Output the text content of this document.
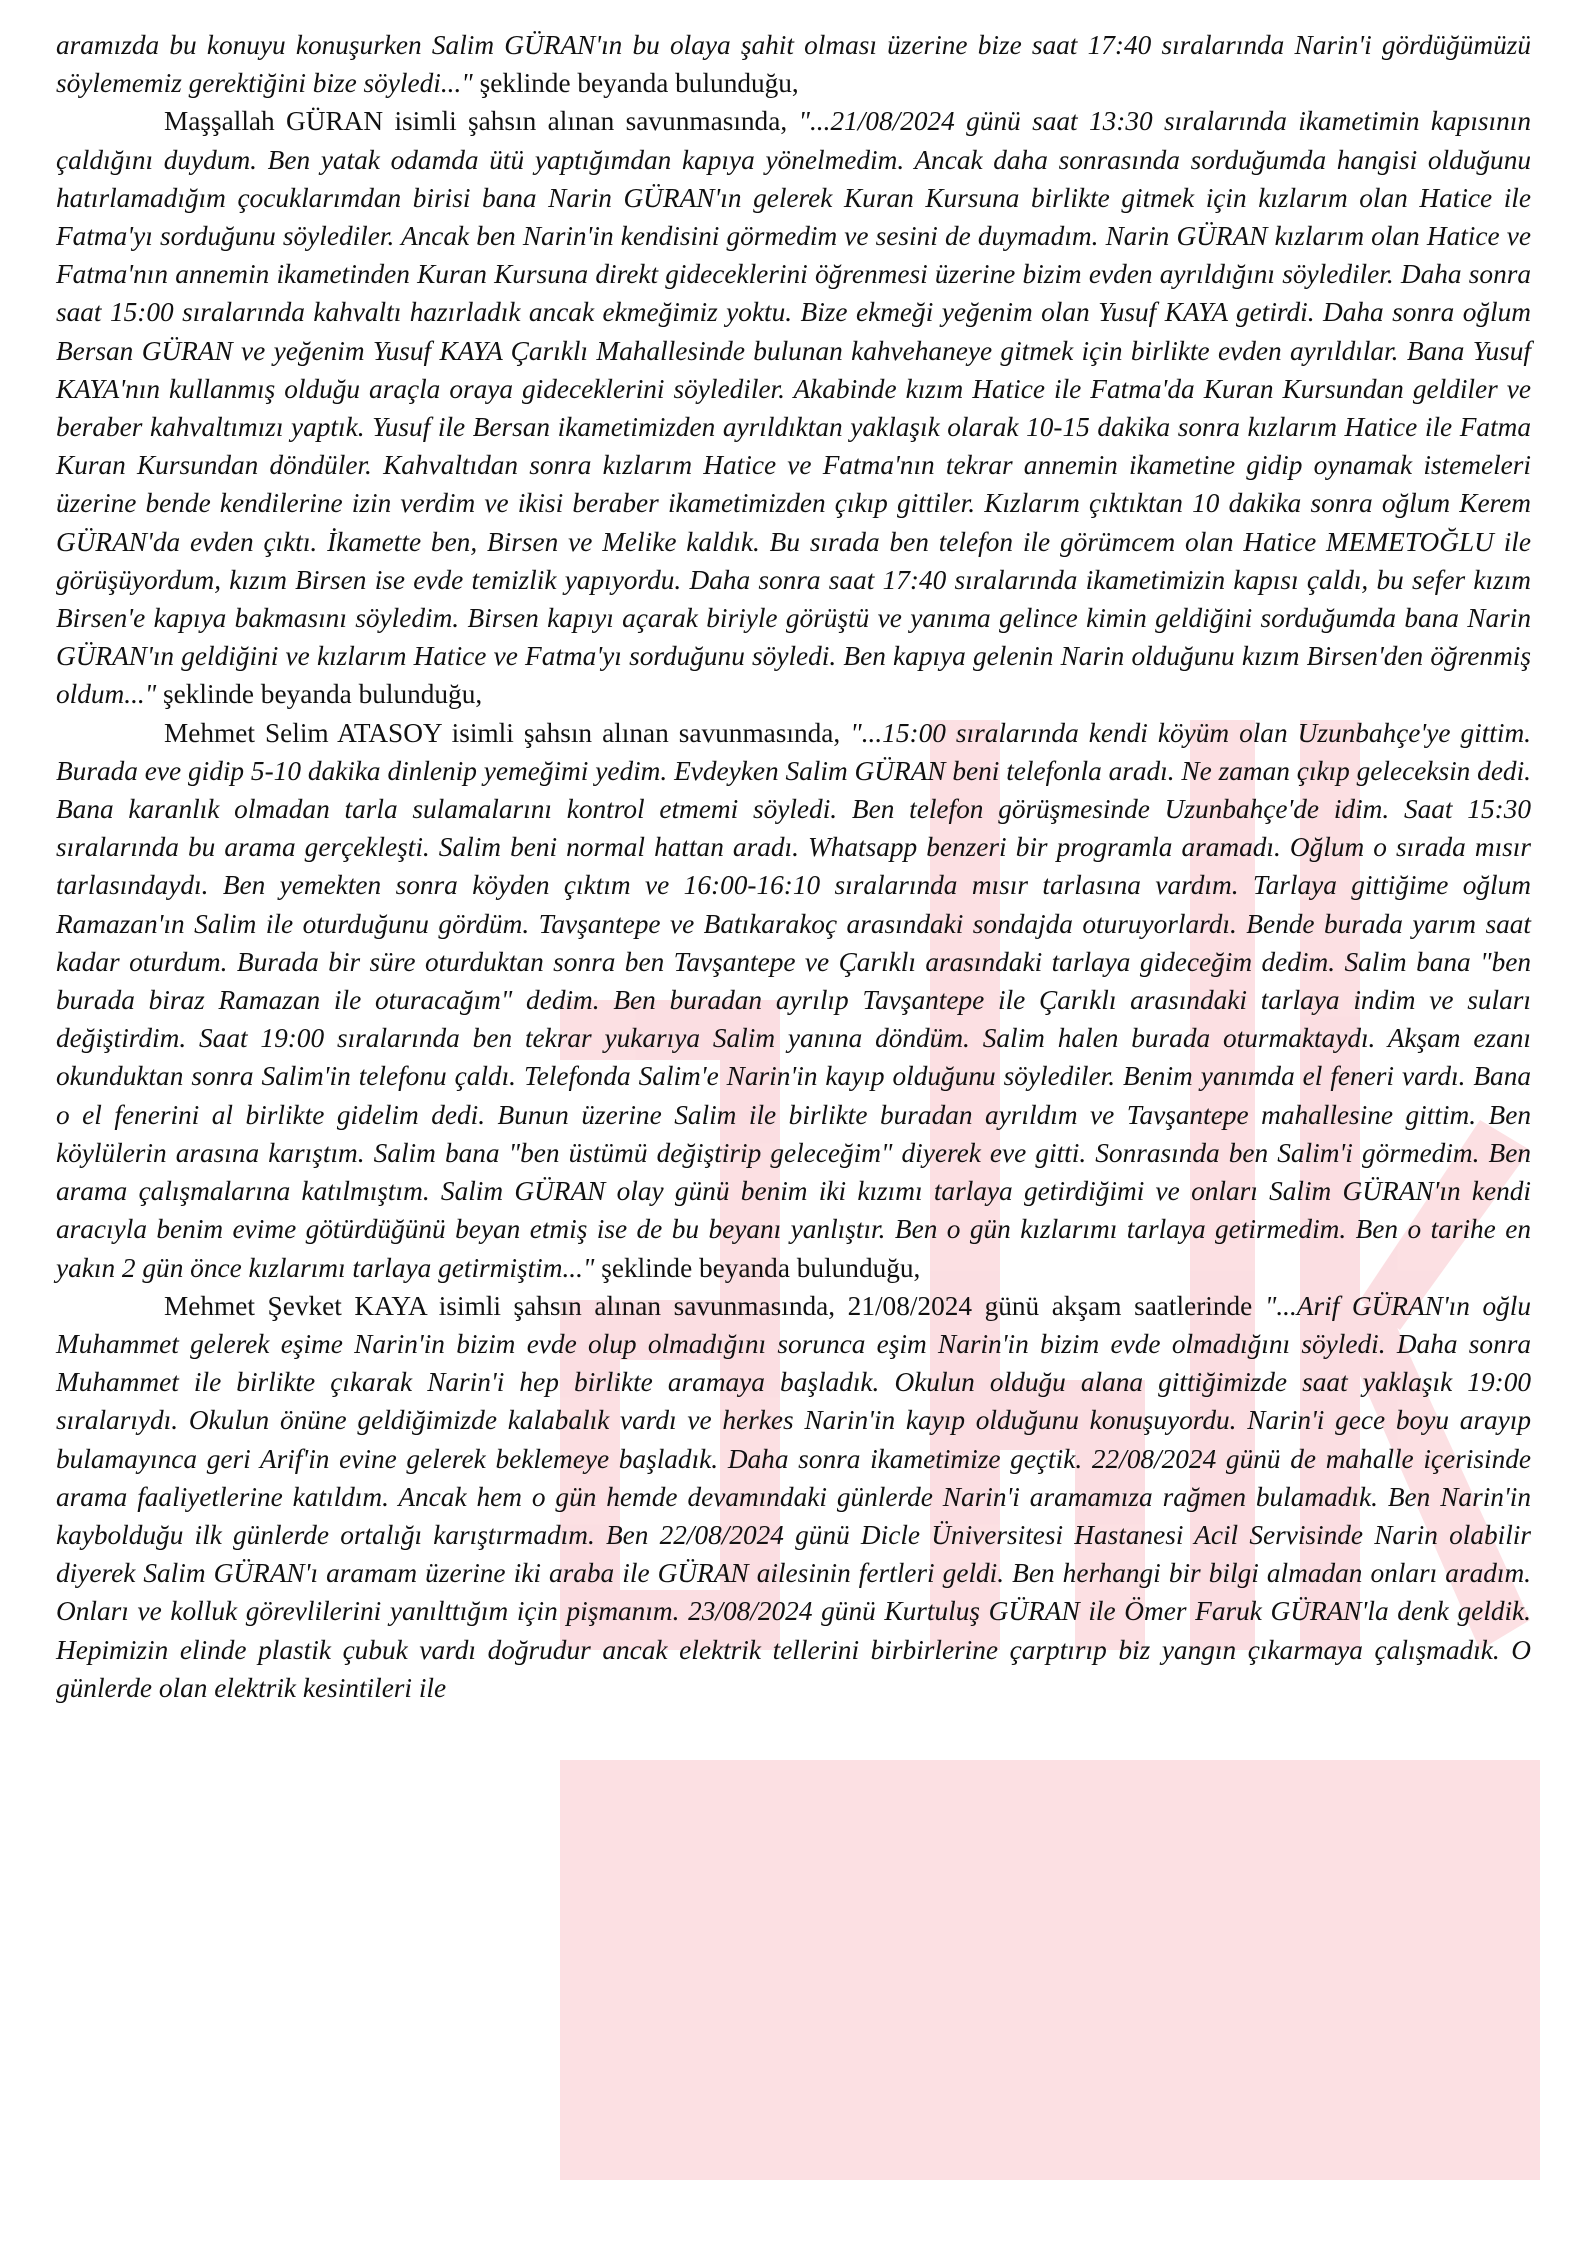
aramızda bu konuyu konuşurken Salim GÜRAN'ın bu olaya şahit olması üzerine bize saat 17:40 sıralarında Narin'i gördüğümüzü söylememiz gerektiğini bize söyledi..." şeklinde beyanda bulunduğu,

Maşşallah GÜRAN isimli şahsın alınan savunmasında, "...21/08/2024 günü saat 13:30 sıralarında ikametimin kapısının çaldığını duydum. Ben yatak odamda ütü yaptığımdan kapıya yönelmedim. Ancak daha sonrasında sorduğumda hangisi olduğunu hatırlamadığım çocuklarımdan birisi bana Narin GÜRAN'ın gelerek Kuran Kursuna birlikte gitmek için kızlarım olan Hatice ile Fatma'yı sorduğunu söylediler. Ancak ben Narin'in kendisini görmedim ve sesini de duymadım. Narin GÜRAN kızlarım olan Hatice ve Fatma'nın annemin ikametinden Kuran Kursuna direkt gideceklerini öğrenmesi üzerine bizim evden ayrıldığını söylediler. Daha sonra saat 15:00 sıralarında kahvaltı hazırladık ancak ekmeğimiz yoktu. Bize ekmeği yeğenim olan Yusuf KAYA getirdi. Daha sonra oğlum Bersan GÜRAN ve yeğenim Yusuf KAYA Çarıklı Mahallesinde bulunan kahvehaneye gitmek için birlikte evden ayrıldılar. Bana Yusuf KAYA'nın kullanmış olduğu araçla oraya gideceklerini söylediler. Akabinde kızım Hatice ile Fatma'da Kuran Kursundan geldiler ve beraber kahvaltımızı yaptık. Yusuf ile Bersan ikametimizden ayrıldıktan yaklaşık olarak 10-15 dakika sonra kızlarım Hatice ile Fatma Kuran Kursundan döndüler. Kahvaltıdan sonra kızlarım Hatice ve Fatma'nın tekrar annemin ikametine gidip oynamak istemeleri üzerine bende kendilerine izin verdim ve ikisi beraber ikametimizden çıkıp gittiler. Kızlarım çıktıktan 10 dakika sonra oğlum Kerem GÜRAN'da evden çıktı. İkamette ben, Birsen ve Melike kaldık. Bu sırada ben telefon ile görümcem olan Hatice MEMETOĞLU ile görüşüyordum, kızım Birsen ise evde temizlik yapıyordu. Daha sonra saat 17:40 sıralarında ikametimizin kapısı çaldı, bu sefer kızım Birsen'e kapıya bakmasını söyledim. Birsen kapıyı açarak biriyle görüştü ve yanıma gelince kimin geldiğini sorduğumda bana Narin GÜRAN'ın geldiğini ve kızlarım Hatice ve Fatma'yı sorduğunu söyledi. Ben kapıya gelenin Narin olduğunu kızım Birsen'den öğrenmiş oldum..." şeklinde beyanda bulunduğu,

Mehmet Selim ATASOY isimli şahsın alınan savunmasında, "...15:00 sıralarında kendi köyüm olan Uzunbahçe'ye gittim. Burada eve gidip 5-10 dakika dinlenip yemeğimi yedim. Evdeyken Salim GÜRAN beni telefonla aradı. Ne zaman çıkıp geleceksin dedi. Bana karanlık olmadan tarla sulamalarını kontrol etmemi söyledi. Ben telefon görüşmesinde Uzunbahçe'de idim. Saat 15:30 sıralarında bu arama gerçekleşti. Salim beni normal hattan aradı. Whatsapp benzeri bir programla aramadı. Oğlum o sırada mısır tarlasındaydı. Ben yemekten sonra köyden çıktım ve 16:00-16:10 sıralarında mısır tarlasına vardım. Tarlaya gittiğime oğlum Ramazan'ın Salim ile oturduğunu gördüm. Tavşantepe ve Batıkarakoç arasındaki sondajda oturuyorlardı. Bende burada yarım saat kadar oturdum. Burada bir süre oturduktan sonra ben Tavşantepe ve Çarıklı arasındaki tarlaya gideceğim dedim. Salim bana "ben burada biraz Ramazan ile oturacağım" dedim. Ben buradan ayrılıp Tavşantepe ile Çarıklı arasındaki tarlaya indim ve suları değiştirdim. Saat 19:00 sıralarında ben tekrar yukarıya Salim yanına döndüm. Salim halen burada oturmaktaydı. Akşam ezanı okunduktan sonra Salim'in telefonu çaldı. Telefonda Salim'e Narin'in kayıp olduğunu söylediler. Benim yanımda el feneri vardı. Bana o el fenerini al birlikte gidelim dedi. Bunun üzerine Salim ile birlikte buradan ayrıldım ve Tavşantepe mahallesine gittim. Ben köylülerin arasına karıştım. Salim bana "ben üstümü değiştirip geleceğim" diyerek eve gitti. Sonrasında ben Salim'i görmedim. Ben arama çalışmalarına katılmıştım. Salim GÜRAN olay günü benim iki kızımı tarlaya getirdiğimi ve onları Salim GÜRAN'ın kendi aracıyla benim evime götürdüğünü beyan etmiş ise de bu beyanı yanlıştır. Ben o gün kızlarımı tarlaya getirmedim. Ben o tarihe en yakın 2 gün önce kızlarımı tarlaya getirmiştim..." şeklinde beyanda bulunduğu,

Mehmet Şevket KAYA isimli şahsın alınan savunmasında, 21/08/2024 günü akşam saatlerinde "...Arif GÜRAN'ın oğlu Muhammet gelerek eşime Narin'in bizim evde olup olmadığını sorunca eşim Narin'in bizim evde olmadığını söyledi. Daha sonra Muhammet ile birlikte çıkarak Narin'i hep birlikte aramaya başladık. Okulun olduğu alana gittiğimizde saat yaklaşık 19:00 sıralarıydı. Okulun önüne geldiğimizde kalabalık vardı ve herkes Narin'in kayıp olduğunu konuşuyordu. Narin'i gece boyu arayıp bulamayınca geri Arif'in evine gelerek beklemeye başladık. Daha sonra ikametimize geçtik. 22/08/2024 günü de mahalle içerisinde arama faaliyetlerine katıldım. Ancak hem o gün hemde devamındaki günlerde Narin'i aramamıza rağmen bulamadık. Ben Narin'in kaybolduğu ilk günlerde ortalığı karıştırmadım. Ben 22/08/2024 günü Dicle Üniversitesi Hastanesi Acil Servisinde Narin olabilir diyerek Salim GÜRAN'ı aramam üzerine iki araba ile GÜRAN ailesinin fertleri geldi. Ben herhangi bir bilgi almadan onları aradım. Onları ve kolluk görevlilerini yanılttığım için pişmanım. 23/08/2024 günü Kurtuluş GÜRAN ile Ömer Faruk GÜRAN'la denk geldik. Hepimizin elinde plastik çubuk vardı doğrudur ancak elektrik tellerini birbirlerine çarptırıp biz yangın çıkarmaya çalışmadık. O günlerde olan elektrik kesintileri ile
